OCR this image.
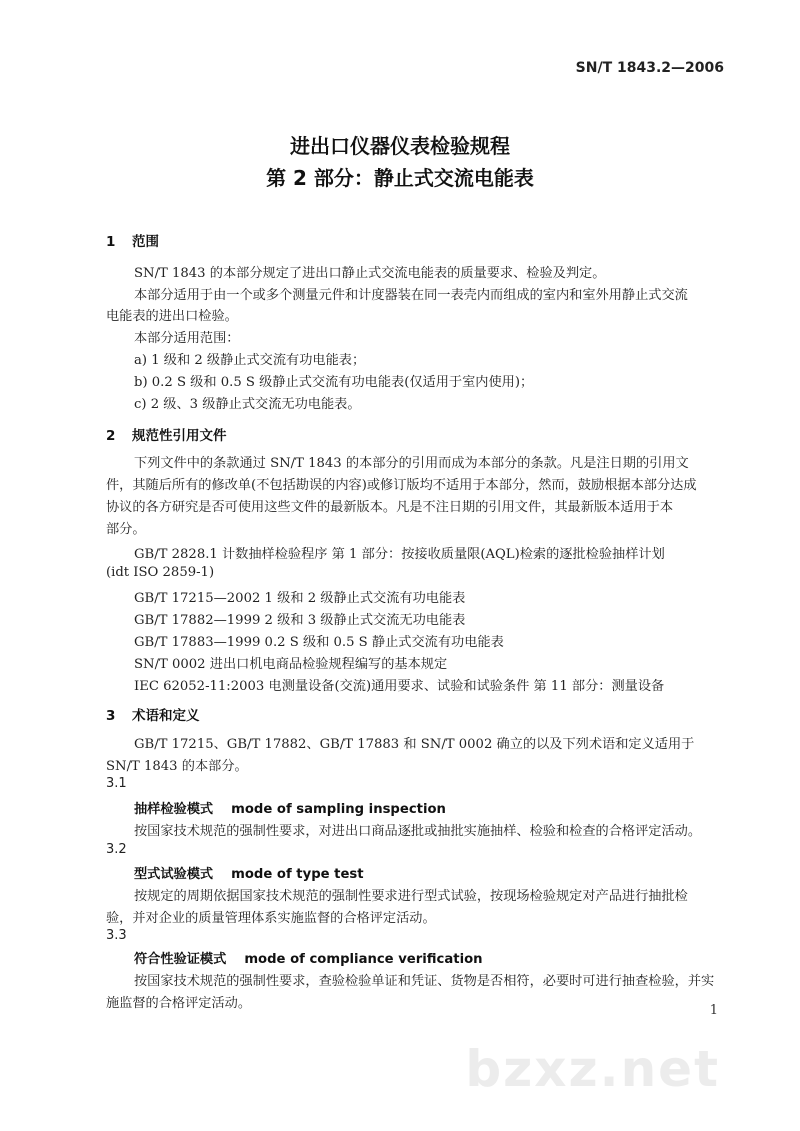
SN/T 1843.2—2006
进出口仪器仪表检验规程
第 2 部分：静止式交流电能表
1 范围
SN/T 1843 的本部分规定了进出口静止式交流电能表的质量要求、检验及判定。
本部分适用于由一个或多个测量元件和计度器装在同一表壳内而组成的室内和室外用静止式交流
电能表的进出口检验。
本部分适用范围：
a) 1 级和 2 级静止式交流有功电能表；
b) 0.2 S 级和 0.5 S 级静止式交流有功电能表(仅适用于室内使用)；
c) 2 级、3 级静止式交流无功电能表。
2 规范性引用文件
下列文件中的条款通过 SN/T 1843 的本部分的引用而成为本部分的条款。凡是注日期的引用文
件，其随后所有的修改单(不包括勘误的内容)或修订版均不适用于本部分，然而，鼓励根据本部分达成
协议的各方研究是否可使用这些文件的最新版本。凡是不注日期的引用文件，其最新版本适用于本
部分。
GB/T 2828.1 计数抽样检验程序 第 1 部分：按接收质量限(AQL)检索的逐批检验抽样计划
(idt ISO 2859-1)
GB/T 17215—2002 1 级和 2 级静止式交流有功电能表
GB/T 17882—1999 2 级和 3 级静止式交流无功电能表
GB/T 17883—1999 0.2 S 级和 0.5 S 静止式交流有功电能表
SN/T 0002 进出口机电商品检验规程编写的基本规定
IEC 62052-11:2003 电测量设备(交流)通用要求、试验和试验条件 第 11 部分：测量设备
3 术语和定义
GB/T 17215、GB/T 17882、GB/T 17883 和 SN/T 0002 确立的以及下列术语和定义适用于
SN/T 1843 的本部分。
3.1
抽样检验模式 mode of sampling inspection
按国家技术规范的强制性要求，对进出口商品逐批或抽批实施抽样、检验和检查的合格评定活动。
3.2
型式试验模式 mode of type test
按规定的周期依据国家技术规范的强制性要求进行型式试验，按现场检验规定对产品进行抽批检
验，并对企业的质量管理体系实施监督的合格评定活动。
3.3
符合性验证模式 mode of compliance verification
按国家技术规范的强制性要求，查验检验单证和凭证、货物是否相符，必要时可进行抽查检验，并实
施监督的合格评定活动。	1
bzxz.net
